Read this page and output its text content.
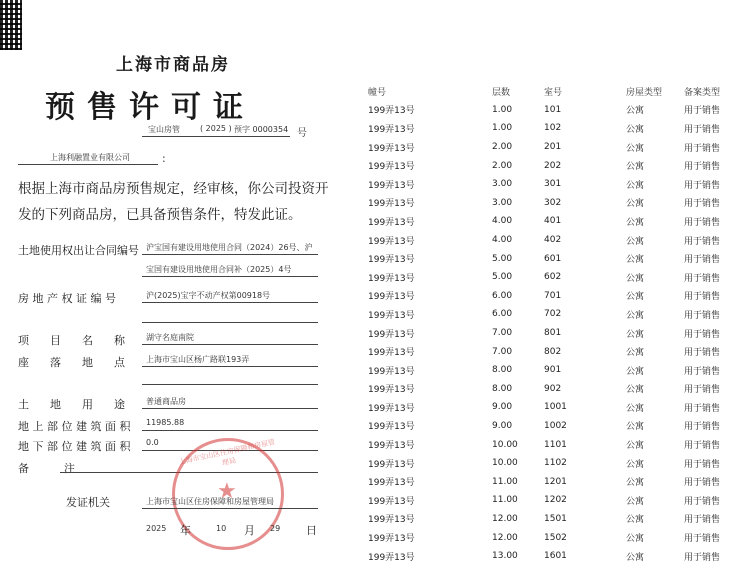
上海市商品房
预售许可证
宝山房管	( 2025 ) 预字 0000354 号
上海利融置业有限公司	:
根据上海市商品房预售规定，经审核，你公司投资开发的下列商品房，已具备预售条件，特发此证。
土地使用权出让合同编号 沪宝国有建设用地使用合同（2024）26号、沪
宝国有建设用地使用合同补（2025）4号
房 地 产 权 证 编 号	沪(2025)宝字不动产权第00918号
项      目      名      称	湖守名庭南院
座      落      地      点	上海市宝山区杨广路联193弄
土      地      用      途	普通商品房
地 上 部 位 建 筑 面 积 11985.88
地 下 部 位 建 筑 面 积 0.0
备          注
上海市宝山区住房保障和房屋管理局
★
发证机关	上海市宝山区住房保障和房屋管理局
2025 年	10 月 29 日
幢号	层数	室号	房屋类型	备案类型
199弄13号	1.00	101	公寓	用于销售
199弄13号	1.00	102	公寓	用于销售
199弄13号	2.00	201	公寓	用于销售
199弄13号	2.00	202	公寓	用于销售
199弄13号	3.00	301	公寓	用于销售
199弄13号	3.00	302	公寓	用于销售
199弄13号	4.00	401	公寓	用于销售
199弄13号	4.00	402	公寓	用于销售
199弄13号	5.00	601	公寓	用于销售
199弄13号	5.00	602	公寓	用于销售
199弄13号	6.00	701	公寓	用于销售
199弄13号	6.00	702	公寓	用于销售
199弄13号	7.00	801	公寓	用于销售
199弄13号	7.00	802	公寓	用于销售
199弄13号	8.00	901	公寓	用于销售
199弄13号	8.00	902	公寓	用于销售
199弄13号	9.00	1001	公寓	用于销售
199弄13号	9.00	1002	公寓	用于销售
199弄13号	10.00	1101	公寓	用于销售
199弄13号	10.00	1102	公寓	用于销售
199弄13号	11.00	1201	公寓	用于销售
199弄13号	11.00	1202	公寓	用于销售
199弄13号	12.00	1501	公寓	用于销售
199弄13号	12.00	1502	公寓	用于销售
199弄13号	13.00	1601	公寓	用于销售
